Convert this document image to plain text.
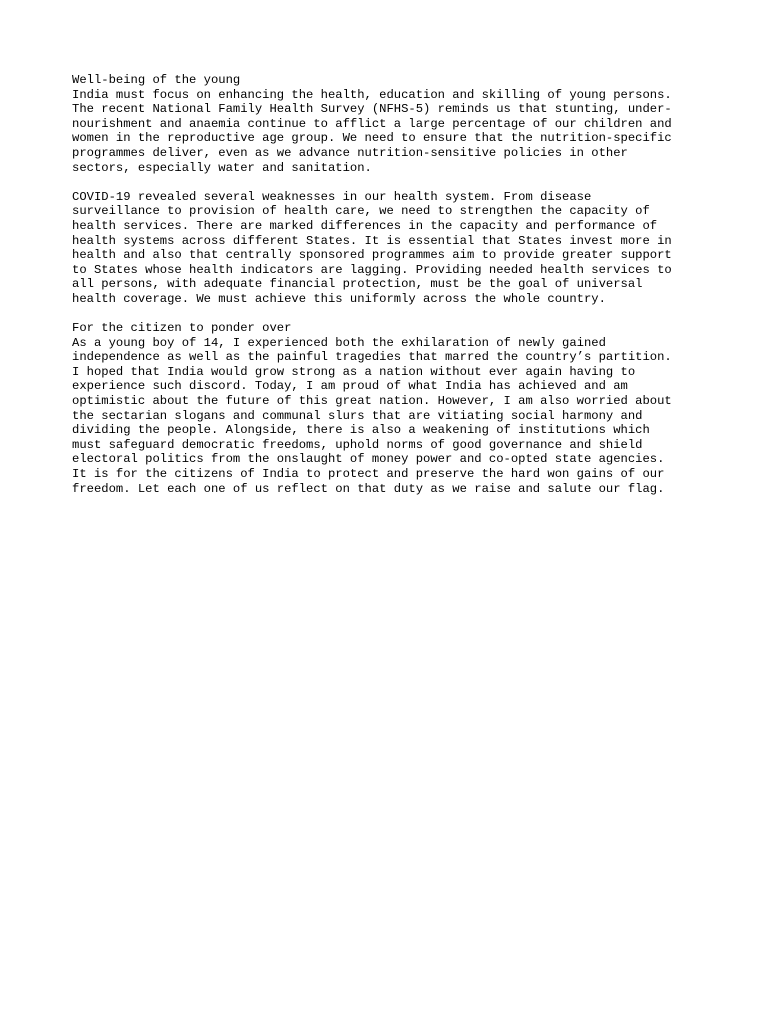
Well-being of the young
India must focus on enhancing the health, education and skilling of young persons.
The recent National Family Health Survey (NFHS-5) reminds us that stunting, under-
nourishment and anaemia continue to afflict a large percentage of our children and
women in the reproductive age group. We need to ensure that the nutrition-specific
programmes deliver, even as we advance nutrition-sensitive policies in other
sectors, especially water and sanitation.
COVID-19 revealed several weaknesses in our health system. From disease
surveillance to provision of health care, we need to strengthen the capacity of
health services. There are marked differences in the capacity and performance of
health systems across different States. It is essential that States invest more in
health and also that centrally sponsored programmes aim to provide greater support
to States whose health indicators are lagging. Providing needed health services to
all persons, with adequate financial protection, must be the goal of universal
health coverage. We must achieve this uniformly across the whole country.
For the citizen to ponder over
As a young boy of 14, I experienced both the exhilaration of newly gained
independence as well as the painful tragedies that marred the country’s partition.
I hoped that India would grow strong as a nation without ever again having to
experience such discord. Today, I am proud of what India has achieved and am
optimistic about the future of this great nation. However, I am also worried about
the sectarian slogans and communal slurs that are vitiating social harmony and
dividing the people. Alongside, there is also a weakening of institutions which
must safeguard democratic freedoms, uphold norms of good governance and shield
electoral politics from the onslaught of money power and co-opted state agencies.
It is for the citizens of India to protect and preserve the hard won gains of our
freedom. Let each one of us reflect on that duty as we raise and salute our flag.
